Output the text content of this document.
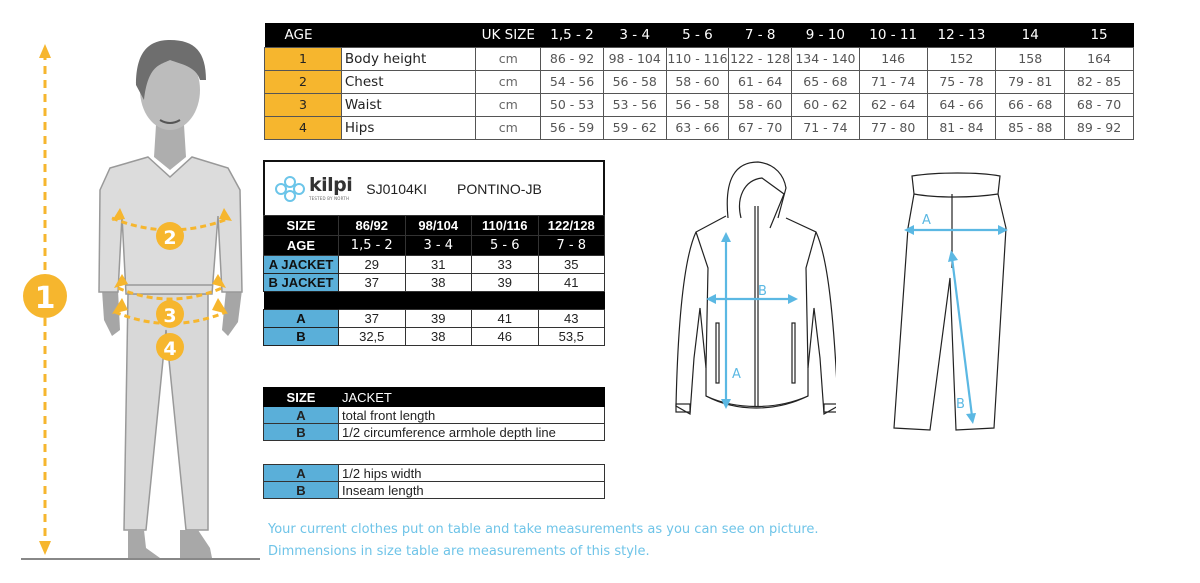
1
2
3
4
AGE		UK SIZE	1,5 - 2	3 - 4	5 - 6	7 - 8	9 - 10	10 - 11	12 - 13	14	15
1	Body height	cm	86 - 92	98 - 104	110 - 116	122 - 128	134 - 140	146	152	158	164
2	Chest	cm	54 - 56	56 - 58	58 - 60	61 - 64	65 - 68	71 - 74	75 - 78	79 - 81	82 - 85
3	Waist	cm	50 - 53	53 - 56	56 - 58	58 - 60	60 - 62	62 - 64	64 - 66	66 - 68	68 - 70
4	Hips	cm	56 - 59	59 - 62	63 - 66	67 - 70	71 - 74	77 - 80	81 - 84	85 - 88	89 - 92
kilpi
TESTED BY NORTH
SJ0104KI PONTINO-JB
SIZE	86/92	98/104	110/116	122/128
AGE	1,5 - 2	3 - 4	5 - 6	7 - 8
A JACKET	29	31	33	35
B JACKET	37	38	39	41

A	37	39	41	43
B	32,5	38	46	53,5
SIZE	JACKET
A	total front length
B	1/2 circumference armhole depth line
A	1/2 hips width
B	Inseam length
A
B
A
B
Your current clothes put on table and take measurements as you can see on picture.
Dimmensions in size table are measurements of this style.
